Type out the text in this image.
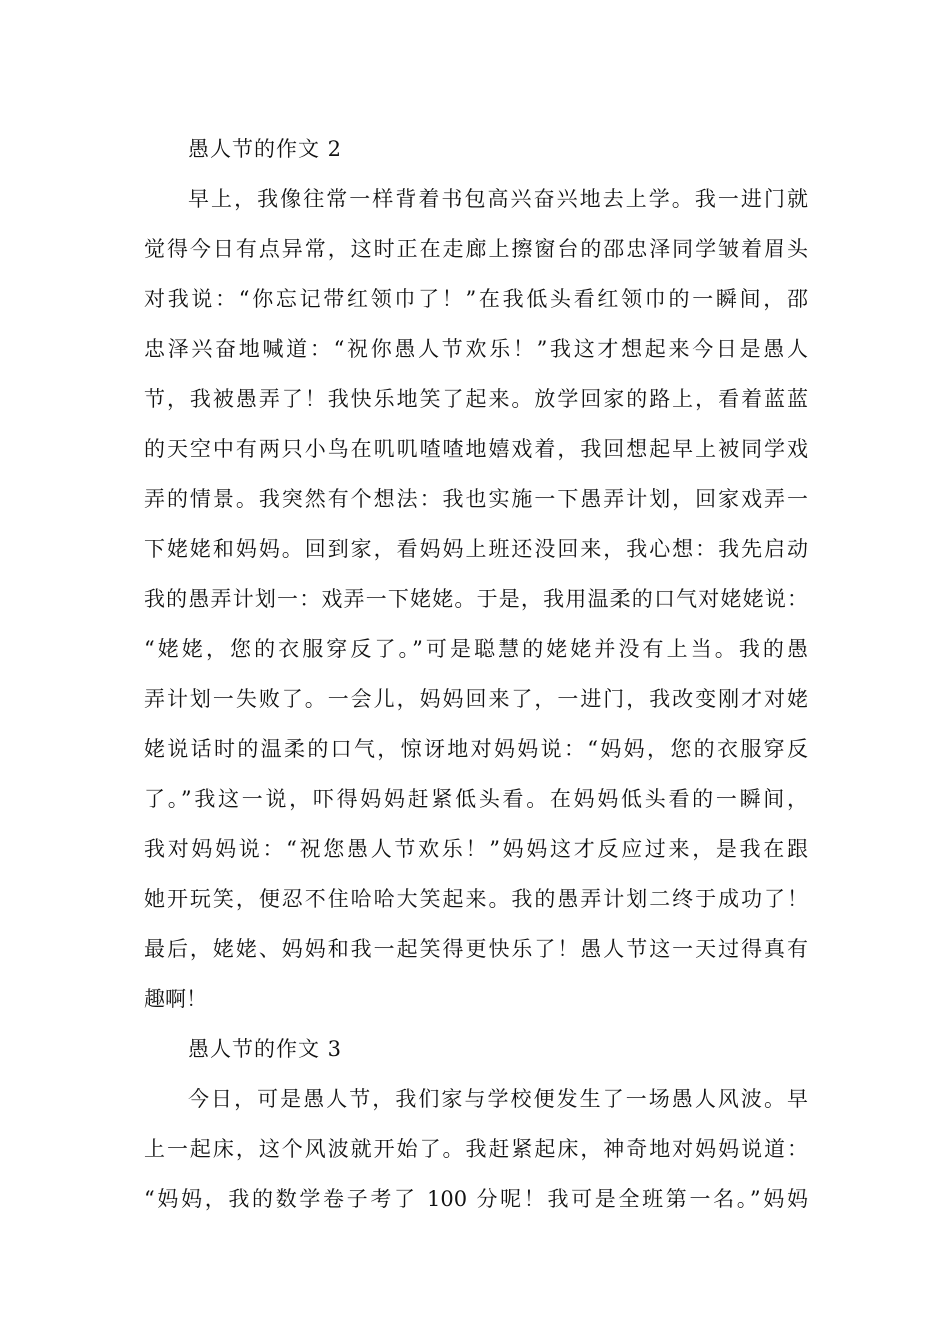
愚人节的作文 2

早上，我像往常一样背着书包高兴奋兴地去上学。我一进门就
觉得今日有点异常，这时正在走廊上擦窗台的邵忠泽同学皱着眉头
对我说：“你忘记带红领巾了！”在我低头看红领巾的一瞬间，邵
忠泽兴奋地喊道：“祝你愚人节欢乐！”我这才想起来今日是愚人
节，我被愚弄了！我快乐地笑了起来。放学回家的路上，看着蓝蓝
的天空中有两只小鸟在叽叽喳喳地嬉戏着，我回想起早上被同学戏
弄的情景。我突然有个想法：我也实施一下愚弄计划，回家戏弄一
下姥姥和妈妈。回到家，看妈妈上班还没回来，我心想：我先启动
我的愚弄计划一：戏弄一下姥姥。于是，我用温柔的口气对姥姥说：
“姥姥，您的衣服穿反了。”可是聪慧的姥姥并没有上当。我的愚
弄计划一失败了。一会儿，妈妈回来了，一进门，我改变刚才对姥
姥说话时的温柔的口气，惊讶地对妈妈说：“妈妈，您的衣服穿反
了。”我这一说，吓得妈妈赶紧低头看。在妈妈低头看的一瞬间，
我对妈妈说：“祝您愚人节欢乐！”妈妈这才反应过来，是我在跟
她开玩笑，便忍不住哈哈大笑起来。我的愚弄计划二终于成功了！
最后，姥姥、妈妈和我一起笑得更快乐了！愚人节这一天过得真有
趣啊！

愚人节的作文 3

今日，可是愚人节，我们家与学校便发生了一场愚人风波。早
上一起床，这个风波就开始了。我赶紧起床，神奇地对妈妈说道：
“妈妈，我的数学卷子考了 100 分呢！我可是全班第一名。”妈妈
